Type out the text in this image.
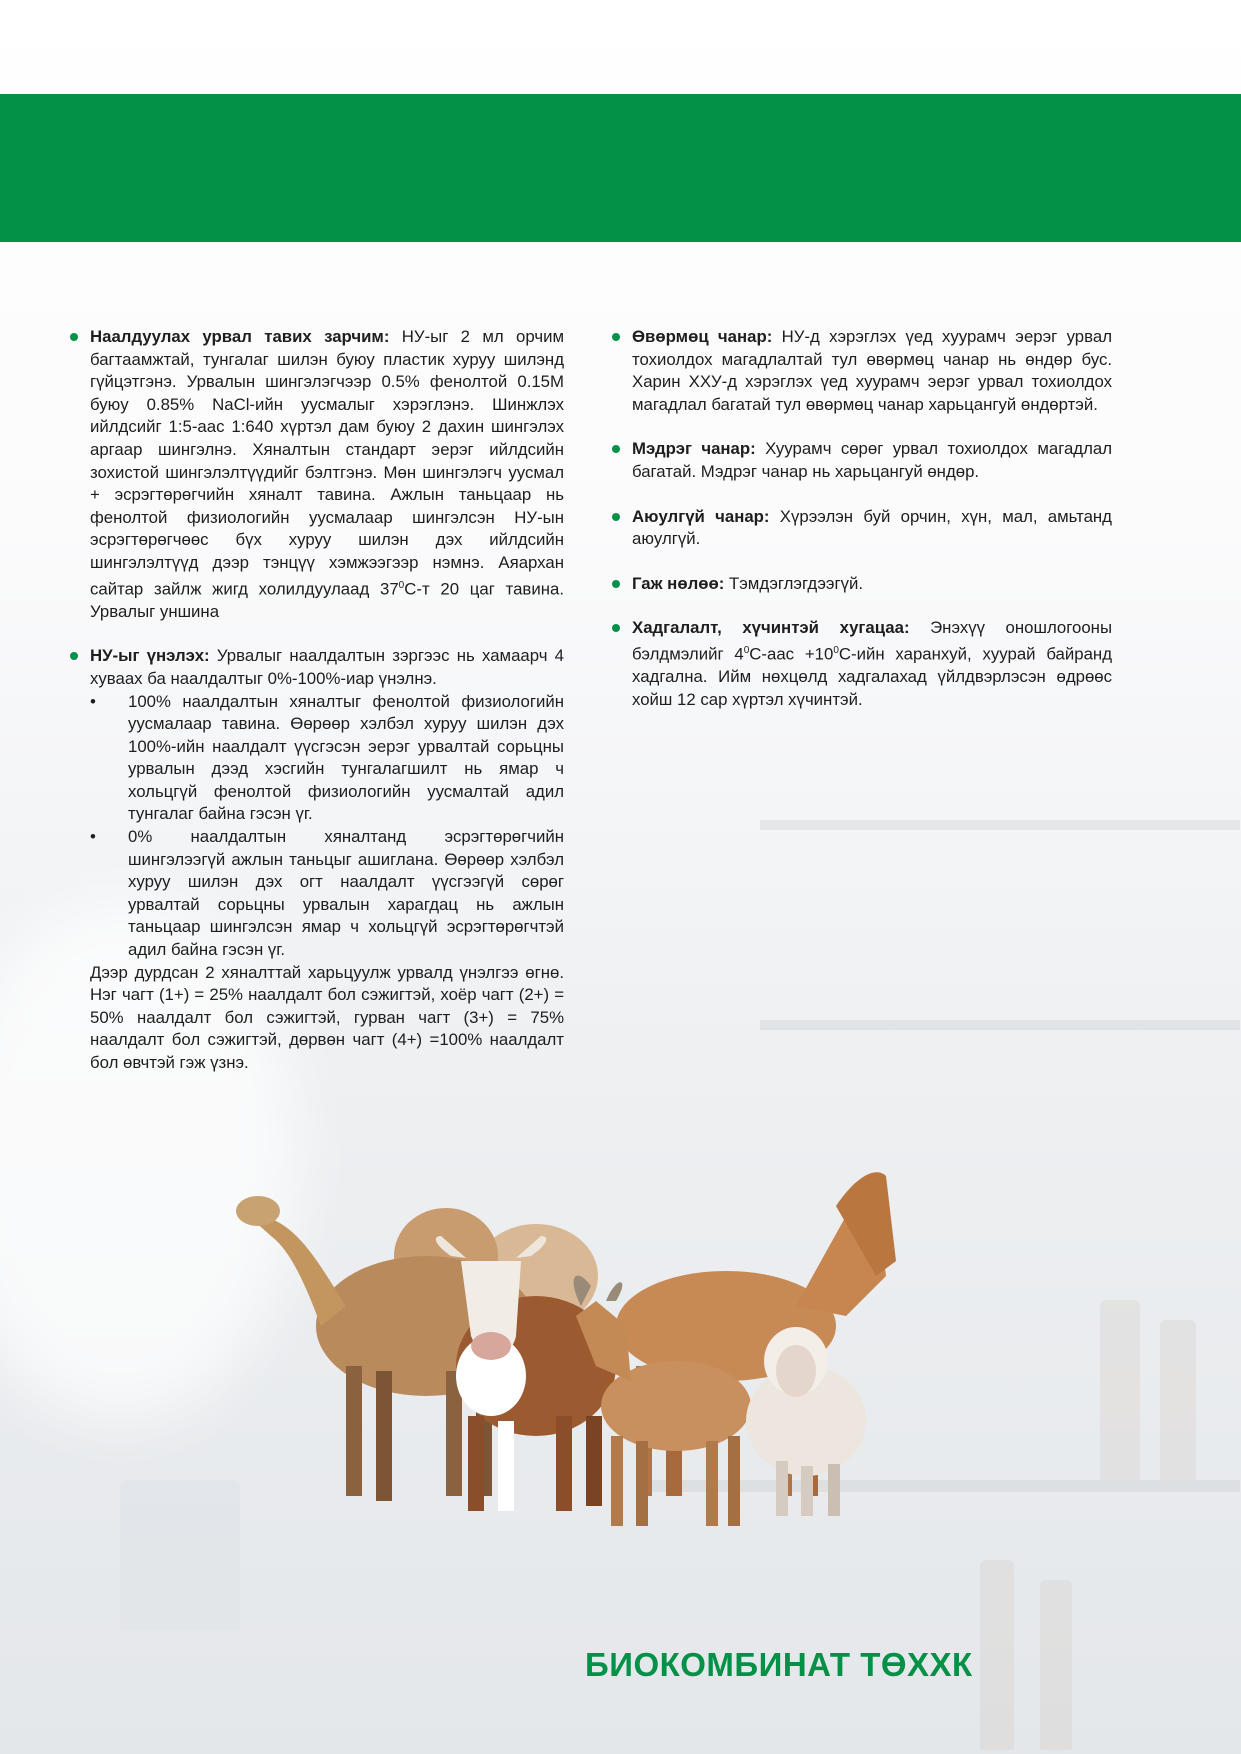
Наалдуулах урвал тавих зарчим: НУ-ыг 2 мл орчим багтаамжтай, тунгалаг шилэн буюу пластик хуруу шилэнд гүйцэтгэнэ. Урвалын шингэлэгчээр 0.5% фенолтой 0.15М буюу 0.85% NaCl-ийн уусмалыг хэрэглэнэ. Шинжлэх ийлдсийг 1:5-аас 1:640 хүртэл дам буюу 2 дахин шингэлэх аргаар шингэлнэ. Хяналтын стандарт эерэг ийлдсийн зохистой шингэлэлтүүдийг бэлтгэнэ. Мөн шингэлэгч уусмал + эсрэгтөрөгчийн хяналт тавина. Ажлын таньцаар нь фенолтой физиологийн уусмалаар шингэлсэн НУ-ын эсрэгтөрөгчөөс бүх хуруу шилэн дэх ийлдсийн шингэлэлтүүд дээр тэнцүү хэмжээгээр нэмнэ. Аяархан сайтар зайлж жигд холилдуулаад $37^0С-т$ 20 цаг тавина. Урвалыг уншина

НУ-ыг үнэлэх: Урвалыг наалдалтын зэргээс нь хамаарч 4 хуваах ба наалдалтыг 0%-100%-иар үнэлнэ.

• 100% наалдалтын хяналтыг фенолтой физиологийн уусмалаар тавина. Өөрөөр хэлбэл хуруу шилэн дэх 100%-ийн наалдалт үүсгэсэн эерэг урвалтай сорьцны урвалын дээд хэсгийн тунгалагшилт нь ямар ч хольцгүй фенолтой физиологийн уусмалтай адил тунгалаг байна гэсэн үг.

• 0% наалдалтын хяналтанд эсрэгтөрөгчийн шингэлээгүй ажлын таньцыг ашиглана. Өөрөөр хэлбэл хуруу шилэн дэх огт наалдалт үүсгээгүй сөрөг урвалтай сорьцны урвалын харагдац нь ажлын таньцаар шингэлсэн ямар ч хольцгүй эсрэгтөрөгчтэй адил байна гэсэн үг.

Дээр дурдсан 2 хяналттай харьцуулж урвалд үнэлгээ өгнө. Нэг чагт (1+) = 25% наалдалт бол сэжигтэй, хоёр чагт (2+) = 50% наалдалт бол сэжигтэй, гурван чагт (3+) = 75% наалдалт бол сэжигтэй, дөрвөн чагт (4+) =100% наалдалт бол өвчтэй гэж үзнэ.

Өвөрмөц чанар: НУ-д хэрэглэх үед хуурамч эерэг урвал тохиолдох магадлалтай тул өвөрмөц чанар нь өндөр бус. Харин ХХУ-д хэрэглэх үед хуурамч эерэг урвал тохиолдох магадлал багатай тул өвөрмөц чанар харьцангуй өндөртэй.

Мэдрэг чанар: Хуурамч сөрөг урвал тохиолдох магадлал багатай. Мэдрэг чанар нь харьцангуй өндөр.

Аюулгүй чанар: Хүрээлэн буй орчин, хүн, мал, амьтанд аюулгүй.

Гаж нөлөө: Тэмдэглэгдээгүй.

Хадгалалт, хүчинтэй хугацаа: Энэхүү оношлогооны бэлдмэлийг $4^0С$-аас $+10^0С$-ийн харанхуй, хуурай байранд хадгална. Ийм нөхцөлд хадгалахад үйлдвэрлэсэн өдрөөс хойш 12 сар хүртэл хүчинтэй.

БИОКОМБИНАТ ТӨХХК
